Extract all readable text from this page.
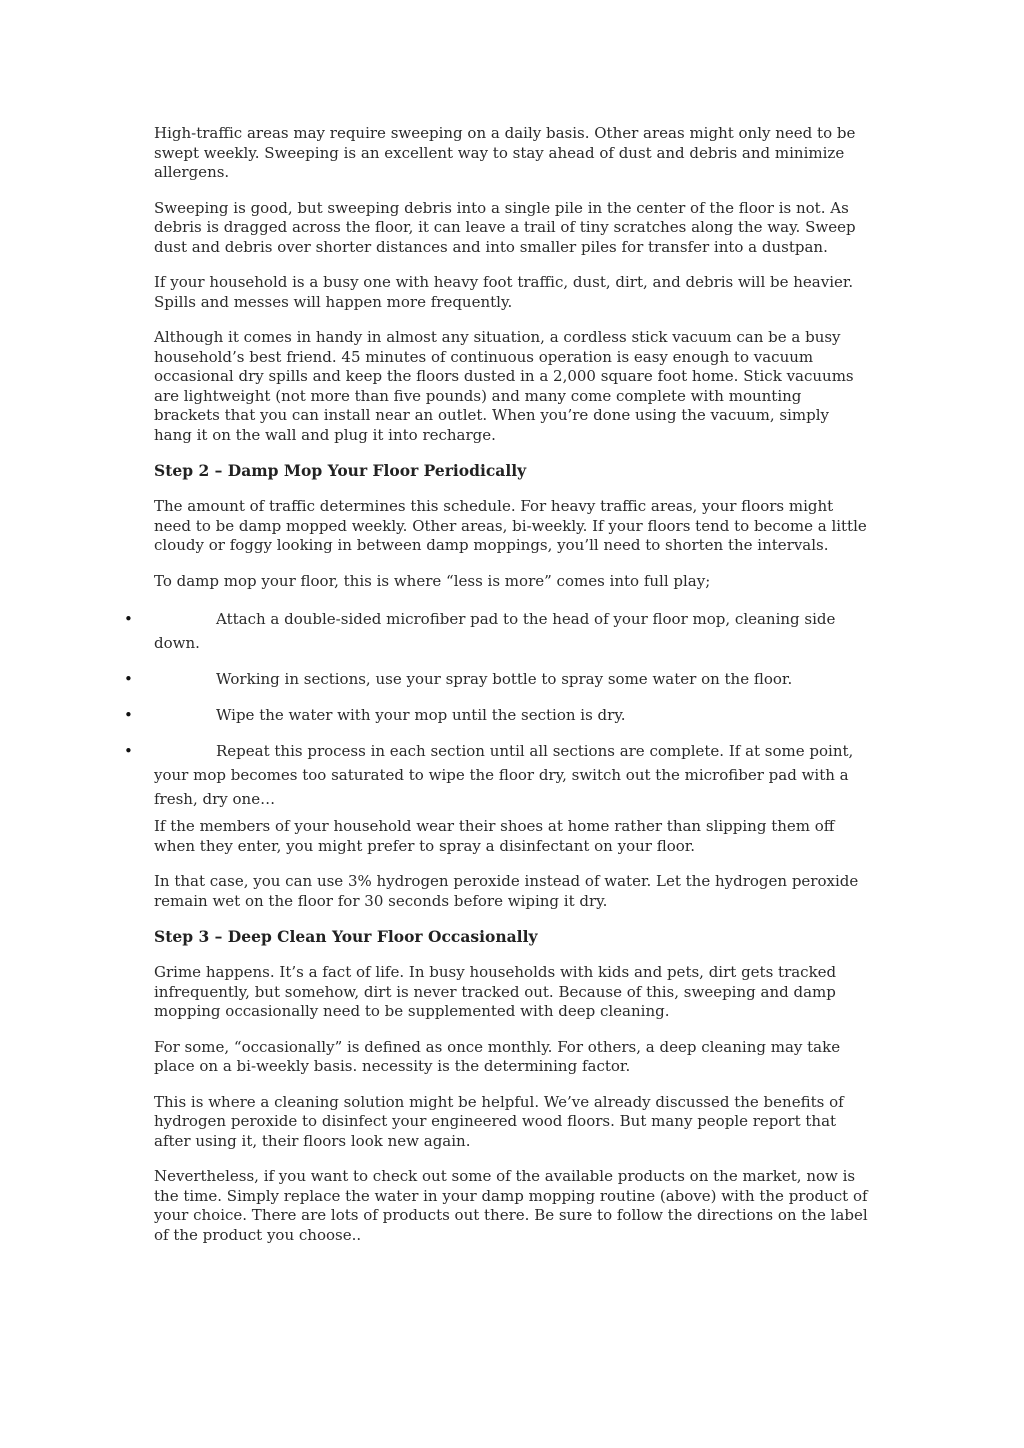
High-traffic areas may require sweeping on a daily basis. Other areas might only need to be swept weekly. Sweeping is an excellent way to stay ahead of dust and debris and minimize allergens.

Sweeping is good, but sweeping debris into a single pile in the center of the floor is not. As debris is dragged across the floor, it can leave a trail of tiny scratches along the way. Sweep dust and debris over shorter distances and into smaller piles for transfer into a dustpan.

If your household is a busy one with heavy foot traffic, dust, dirt, and debris will be heavier. Spills and messes will happen more frequently.

Although it comes in handy in almost any situation, a cordless stick vacuum can be a busy household’s best friend. 45 minutes of continuous operation is easy enough to vacuum occasional dry spills and keep the floors dusted in a 2,000 square foot home. Stick vacuums are lightweight (not more than five pounds) and many come complete with mounting brackets that you can install near an outlet. When you’re done using the vacuum, simply hang it on the wall and plug it into recharge.

Step 2 – Damp Mop Your Floor Periodically

The amount of traffic determines this schedule. For heavy traffic areas, your floors might need to be damp mopped weekly. Other areas, bi-weekly. If your floors tend to become a little cloudy or foggy looking in between damp moppings, you’ll need to shorten the intervals.

To damp mop your floor, this is where “less is more” comes into full play;

•	Attach a double-sided microfiber pad to the head of your floor mop, cleaning side down.
•	Working in sections, use your spray bottle to spray some water on the floor.
•	Wipe the water with your mop until the section is dry.
•	Repeat this process in each section until all sections are complete. If at some point, your mop becomes too saturated to wipe the floor dry, switch out the microfiber pad with a fresh, dry one…

If the members of your household wear their shoes at home rather than slipping them off when they enter, you might prefer to spray a disinfectant on your floor.

In that case, you can use 3% hydrogen peroxide instead of water. Let the hydrogen peroxide remain wet on the floor for 30 seconds before wiping it dry.

Step 3 – Deep Clean Your Floor Occasionally

Grime happens. It’s a fact of life. In busy households with kids and pets, dirt gets tracked infrequently, but somehow, dirt is never tracked out. Because of this, sweeping and damp mopping occasionally need to be supplemented with deep cleaning.

For some, “occasionally” is defined as once monthly. For others, a deep cleaning may take place on a bi-weekly basis. necessity is the determining factor.

This is where a cleaning solution might be helpful. We’ve already discussed the benefits of hydrogen peroxide to disinfect your engineered wood floors. But many people report that after using it, their floors look new again.

Nevertheless, if you want to check out some of the available products on the market, now is the time. Simply replace the water in your damp mopping routine (above) with the product of your choice. There are lots of products out there. Be sure to follow the directions on the label of the product you choose..
